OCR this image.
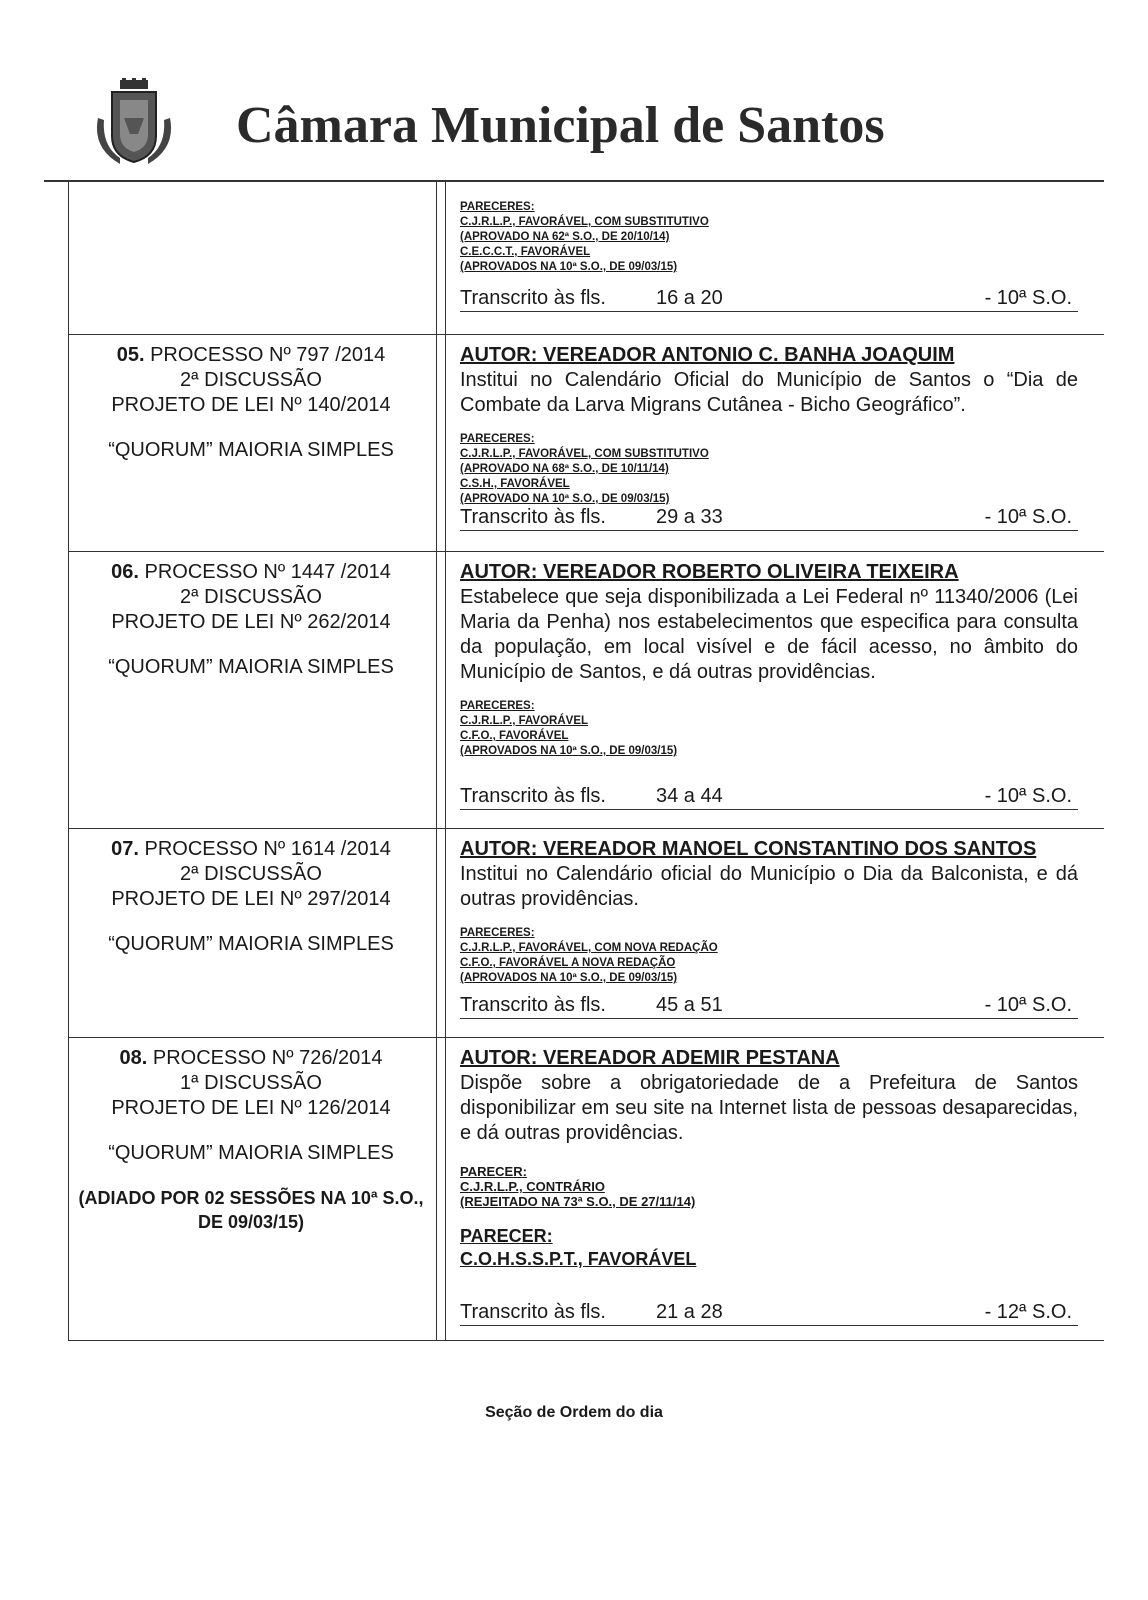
Câmara Municipal de Santos
PARECERES:
C.J.R.L.P., FAVORÁVEL, COM SUBSTITUTIVO
(APROVADO NA 62ª S.O., DE 20/10/14)
C.E.C.C.T., FAVORÁVEL
(APROVADOS NA 10ª S.O., DE 09/03/15)
Transcrito às fls.	16 a 20	- 10ª S.O.
05. PROCESSO Nº 797 /2014
2ª DISCUSSÃO
PROJETO DE LEI Nº 140/2014
“QUORUM” MAIORIA SIMPLES
AUTOR: VEREADOR ANTONIO C. BANHA JOAQUIM
Institui no Calendário Oficial do Município de Santos o “Dia de Combate da Larva Migrans Cutânea - Bicho Geográfico”.
PARECERES:
C.J.R.L.P., FAVORÁVEL, COM SUBSTITUTIVO
(APROVADO NA 68ª S.O., DE 10/11/14)
C.S.H., FAVORÁVEL
(APROVADO NA 10ª S.O., DE 09/03/15)
Transcrito às fls.	29 a 33	- 10ª S.O.
06. PROCESSO Nº 1447 /2014
2ª DISCUSSÃO
PROJETO DE LEI Nº 262/2014
“QUORUM” MAIORIA SIMPLES
AUTOR: VEREADOR ROBERTO OLIVEIRA TEIXEIRA
Estabelece que seja disponibilizada a Lei Federal nº 11340/2006 (Lei Maria da Penha) nos estabelecimentos que especifica para consulta da população, em local visível e de fácil acesso, no âmbito do Município de Santos, e dá outras providências.
PARECERES:
C.J.R.L.P., FAVORÁVEL
C.F.O., FAVORÁVEL
(APROVADOS NA 10ª S.O., DE 09/03/15)
Transcrito às fls.	34 a 44	- 10ª S.O.
07. PROCESSO Nº 1614 /2014
2ª DISCUSSÃO
PROJETO DE LEI Nº 297/2014
“QUORUM” MAIORIA SIMPLES
AUTOR: VEREADOR MANOEL CONSTANTINO DOS SANTOS
Institui no Calendário oficial do Município o Dia da Balconista, e dá outras providências.
PARECERES:
C.J.R.L.P., FAVORÁVEL, COM NOVA REDAÇÃO
C.F.O., FAVORÁVEL A NOVA REDAÇÃO
(APROVADOS NA 10ª S.O., DE 09/03/15)
Transcrito às fls.	45 a 51	- 10ª S.O.
08. PROCESSO Nº 726/2014
1ª DISCUSSÃO
PROJETO DE LEI Nº 126/2014
“QUORUM” MAIORIA SIMPLES
(ADIADO POR 02 SESSÕES NA 10ª S.O., DE 09/03/15)
AUTOR: VEREADOR ADEMIR PESTANA
Dispõe sobre a obrigatoriedade de a Prefeitura de Santos disponibilizar em seu site na Internet lista de pessoas desaparecidas, e dá outras providências.
PARECER:
C.J.R.L.P., CONTRÁRIO
(REJEITADO NA 73ª S.O., DE 27/11/14)
PARECER:
C.O.H.S.S.P.T., FAVORÁVEL
Transcrito às fls.	21 a 28	- 12ª S.O.
Seção de Ordem do dia
